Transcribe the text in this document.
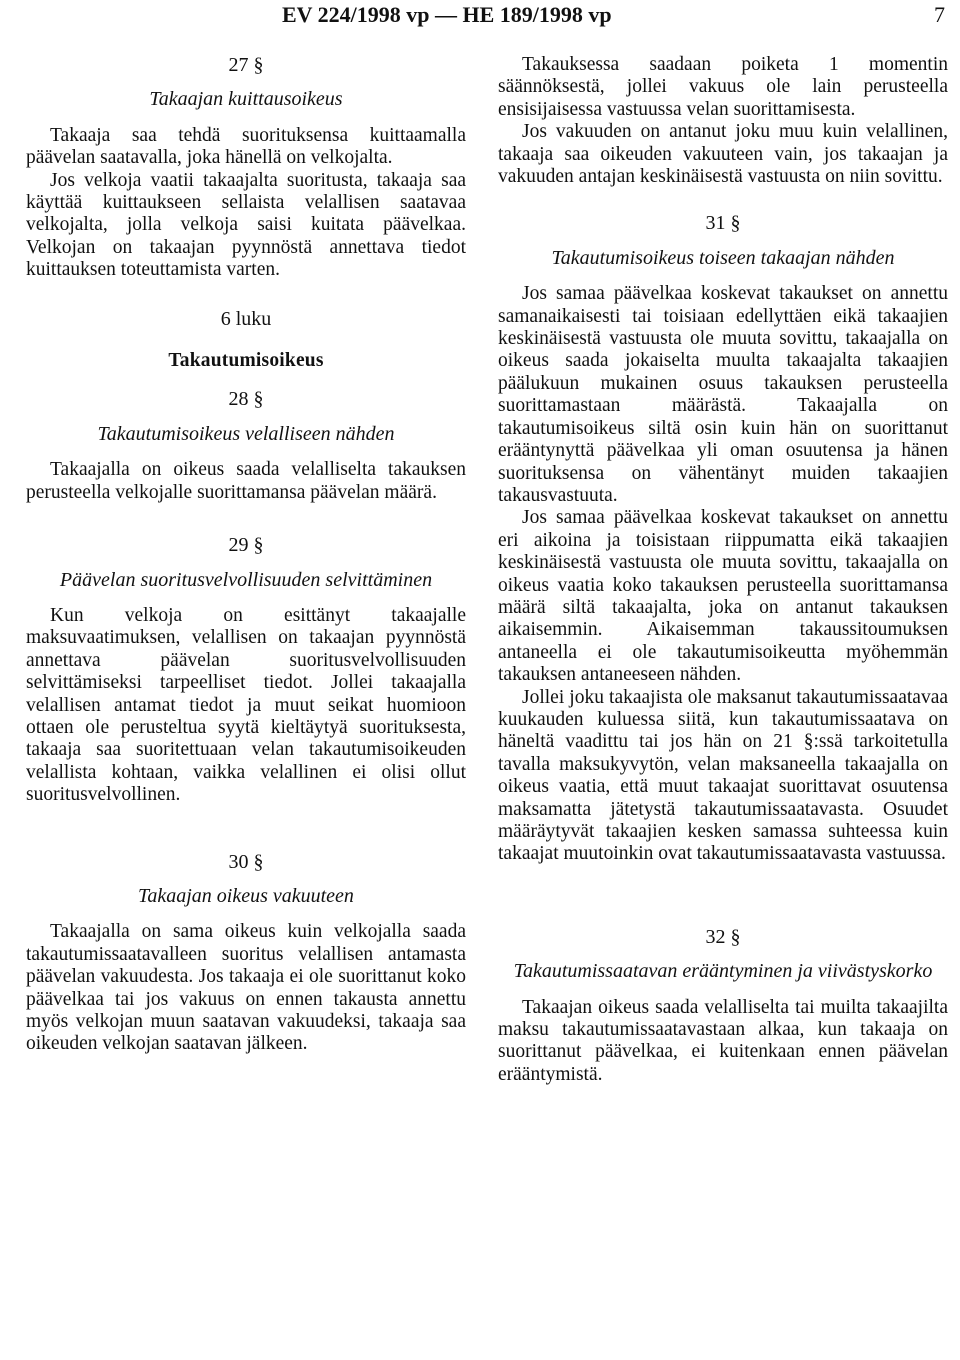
EV 224/1998 vp — HE 189/1998 vp	7
27 §
Takaajan kuittausoikeus

Takaaja saa tehdä suorituksensa kuittaamalla päävelan saatavalla, joka hänellä on velkojalta.

Jos velkoja vaatii takaajalta suoritusta, takaaja saa käyttää kuittaukseen sellaista velallisen saatavaa velkojalta, jolla velkoja saisi kuitata päävelkaa. Velkojan on takaajan pyynnöstä annettava tiedot kuittauksen toteuttamista varten.

6 luku
Takautumisoikeus
28 §
Takautumisoikeus velalliseen nähden

Takaajalla on oikeus saada velalliselta takauksen perusteella velkojalle suorittamansa päävelan määrä.

29 §
Päävelan suoritusvelvollisuuden selvittäminen

Kun velkoja on esittänyt takaajalle maksuvaatimuksen, velallisen on takaajan pyynnöstä annettava päävelan suoritusvelvollisuuden selvittämiseksi tarpeelliset tiedot. Jollei takaajalla velallisen antamat tiedot ja muut seikat huomioon ottaen ole perusteltua syytä kieltäytyä suorituksesta, takaaja saa suoritettuaan velan takautumisoikeuden velallista kohtaan, vaikka velallinen ei olisi ollut suoritusvelvollinen.

30 §
Takaajan oikeus vakuuteen

Takaajalla on sama oikeus kuin velkojalla saada takautumissaatavalleen suoritus velallisen antamasta päävelan vakuudesta. Jos takaaja ei ole suorittanut koko päävelkaa tai jos vakuus on ennen takausta annettu myös velkojan muun saatavan vakuudeksi, takaaja saa oikeuden velkojan saatavan jälkeen.

Takauksessa saadaan poiketa 1 momentin säännöksestä, jollei vakuus ole lain perusteella ensisijaisessa vastuussa velan suorittamisesta.

Jos vakuuden on antanut joku muu kuin velallinen, takaaja saa oikeuden vakuuteen vain, jos takaajan ja vakuuden antajan keskinäisestä vastuusta on niin sovittu.

31 §
Takautumisoikeus toiseen takaajan nähden

Jos samaa päävelkaa koskevat takaukset on annettu samanaikaisesti tai toisiaan edellyttäen eikä takaajien keskinäisestä vastuusta ole muuta sovittu, takaajalla on oikeus saada jokaiselta muulta takaajalta takaajien päälukuun mukainen osuus takauksen perusteella suorittamastaan määrästä. Takaajalla on takautumisoikeus siltä osin kuin hän on suorittanut erääntynyttä päävelkaa yli oman osuutensa ja hänen suorituksensa on vähentänyt muiden takaajien takausvastuuta.

Jos samaa päävelkaa koskevat takaukset on annettu eri aikoina ja toisistaan riippumatta eikä takaajien keskinäisestä vastuusta ole muuta sovittu, takaajalla on oikeus vaatia koko takauksen perusteella suorittamansa määrä siltä takaajalta, joka on antanut takauksen aikaisemmin. Aikaisemman takaussitoumuksen antaneella ei ole takautumisoikeutta myöhemmän takauksen antaneeseen nähden.

Jollei joku takaajista ole maksanut takautumissaatavaa kuukauden kuluessa siitä, kun takautumissaatava on häneltä vaadittu tai jos hän on 21 §:ssä tarkoitetulla tavalla maksukyvytön, velan maksaneella takaajalla on oikeus vaatia, että muut takaajat suorittavat osuutensa maksamatta jätetystä takautumissaatavasta. Osuudet määräytyvät takaajien kesken samassa suhteessa kuin takaajat muutoinkin ovat takautumissaatavasta vastuussa.

32 §
Takautumissaatavan erääntyminen ja viivästyskorko

Takaajan oikeus saada velalliselta tai muilta takaajilta maksu takautumissaatavastaan alkaa, kun takaaja on suorittanut päävelkaa, ei kuitenkaan ennen päävelan erääntymistä.
